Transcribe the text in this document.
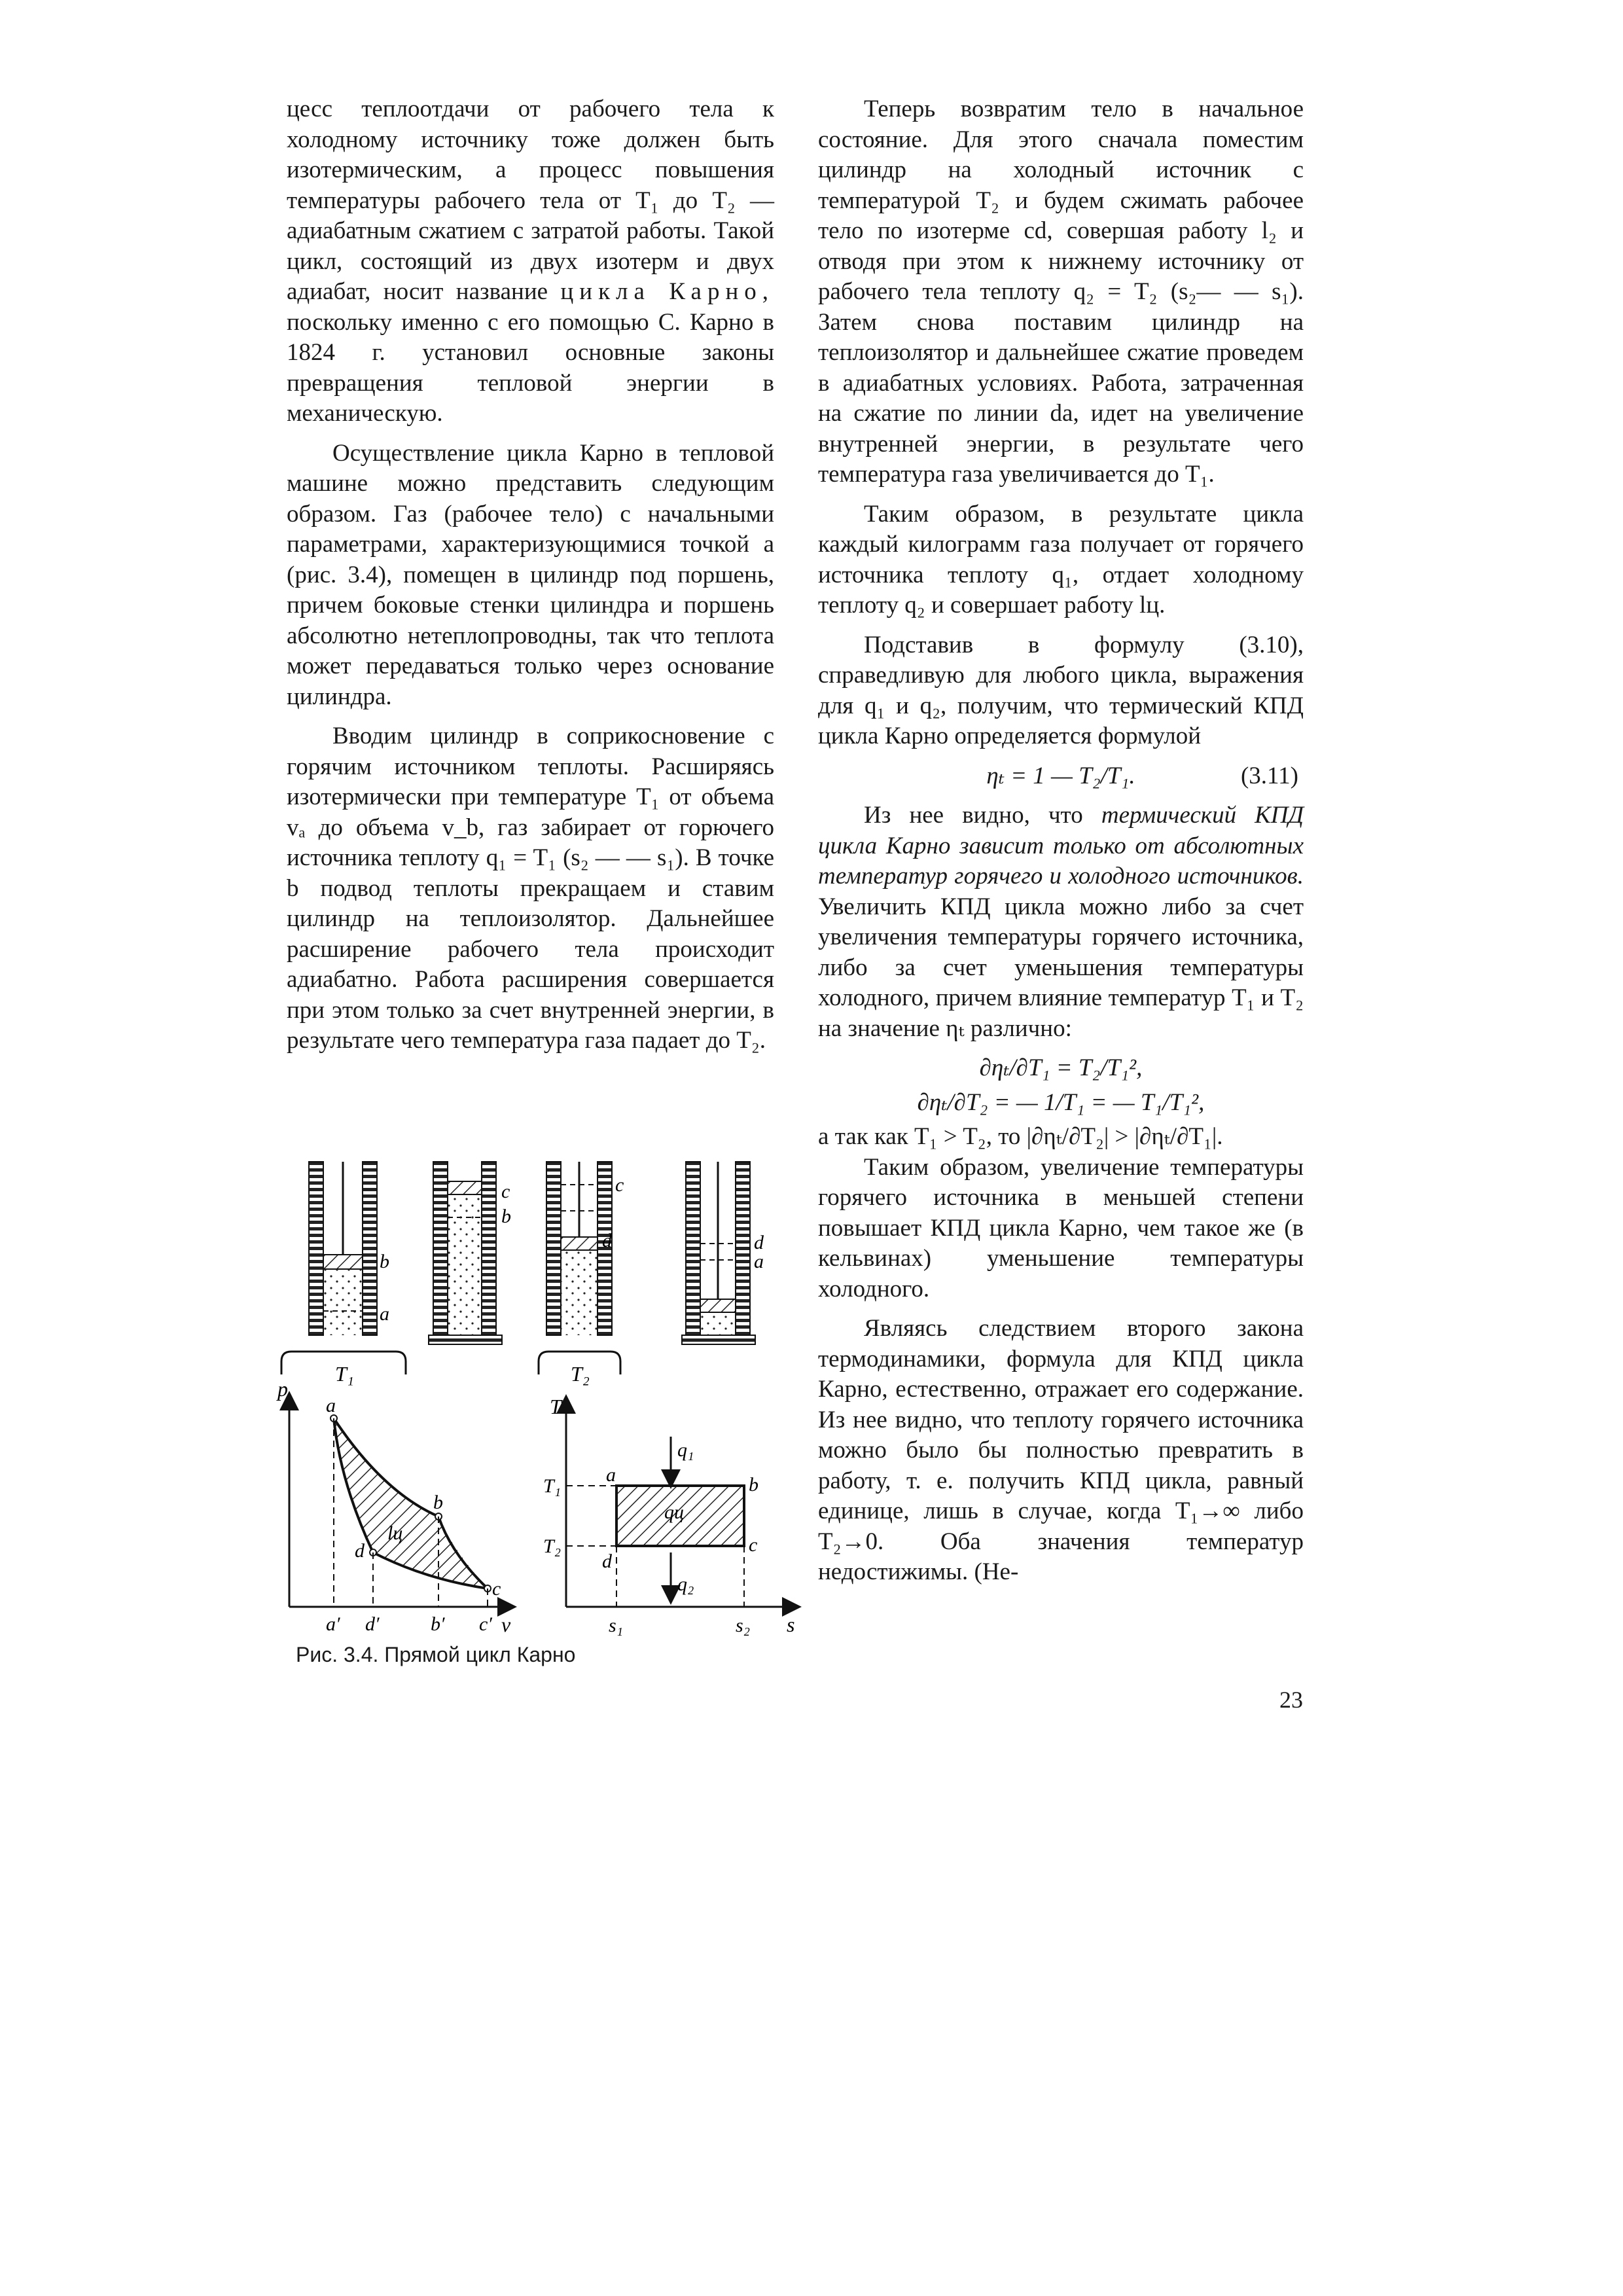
цесс теплоотдачи от рабочего тела к холодному источнику тоже должен быть изотермическим, а процесс повышения температуры рабочего тела от T₁ до T₂ — адиабатным сжатием с затратой работы. Такой цикл, состоящий из двух изотерм и двух адиабат, носит название цикла Карно, поскольку именно с его помощью С. Карно в 1824 г. установил основные законы превращения тепловой энергии в механическую.

Осуществление цикла Карно в тепловой машине можно представить следующим образом. Газ (рабочее тело) с начальными параметрами, характеризующимися точкой a (рис. 3.4), помещен в цилиндр под поршень, причем боковые стенки цилиндра и поршень абсолютно нетеплопроводны, так что теплота может передаваться только через основание цилиндра.

Вводим цилиндр в соприкосновение с горячим источником теплоты. Расширяясь изотермически при температуре T₁ от объема vₐ до объема v_b, газ забирает от горючего источника теплоту q₁ = T₁ (s₂ — — s₁). В точке b подвод теплоты прекращаем и ставим цилиндр на теплоизолятор. Дальнейшее расширение рабочего тела происходит адиабатно. Работа расширения совершается при этом только за счет внутренней энергии, в результате чего температура газа падает до T₂.

Теперь возвратим тело в начальное состояние. Для этого сначала поместим цилиндр на холодный источник с температурой T₂ и будем сжимать рабочее тело по изотерме cd, совершая работу l₂ и отводя при этом к нижнему источнику от рабочего тела теплоту q₂ = T₂ (s₂— — s₁). Затем снова поставим цилиндр на теплоизолятор и дальнейшее сжатие проведем в адиабатных условиях. Работа, затраченная на сжатие по линии da, идет на увеличение внутренней энергии, в результате чего температура газа увеличивается до T₁.

Таким образом, в результате цикла каждый килограмм газа получает от горячего источника теплоту q₁, отдает холодному теплоту q₂ и совершает работу lц.

Подставив в формулу (3.10), справедливую для любого цикла, выражения для q₁ и q₂, получим, что термический КПД цикла Карно определяется формулой

ηₜ = 1 — T₂/T₁.	(3.11)

Из нее видно, что термический КПД цикла Карно зависит только от абсолютных температур горячего и холодного источников. Увеличить КПД цикла можно либо за счет увеличения температуры горячего источника, либо за счет уменьшения температуры холодного, причем влияние температур T₁ и T₂ на значение ηₜ различно:

∂ηₜ/∂T₁ = T₂/T₁²,
∂ηₜ/∂T₂ = — 1/T₁ = — T₁/T₁²,

а так как T₁ > T₂, то |∂ηₜ/∂T₂| > |∂ηₜ/∂T₁|.

Таким образом, увеличение температуры горячего источника в меньшей степени повышает КПД цикла Карно, чем такое же (в кельвинах) уменьшение температуры холодного.

Являясь следствием второго закона термодинамики, формула для КПД цикла Карно, естественно, отражает его содержание. Из нее видно, что теплоту горячего источника можно было бы полностью превратить в работу, т. е. получить КПД цикла, равный единице, лишь в случае, когда T₁→∞ либо T₂→0. Оба значения температур недостижимы. (Не-

b
a
T₁
c
b
c
d
T₂
d
a
p
v
a
b
c
d
lц
a′ d′	b′ c′
T
s
T₁
T₂
a	b
c
d
q₁
q₂
qц
s₁	s₂
Рис. 3.4. Прямой цикл Карно
23
